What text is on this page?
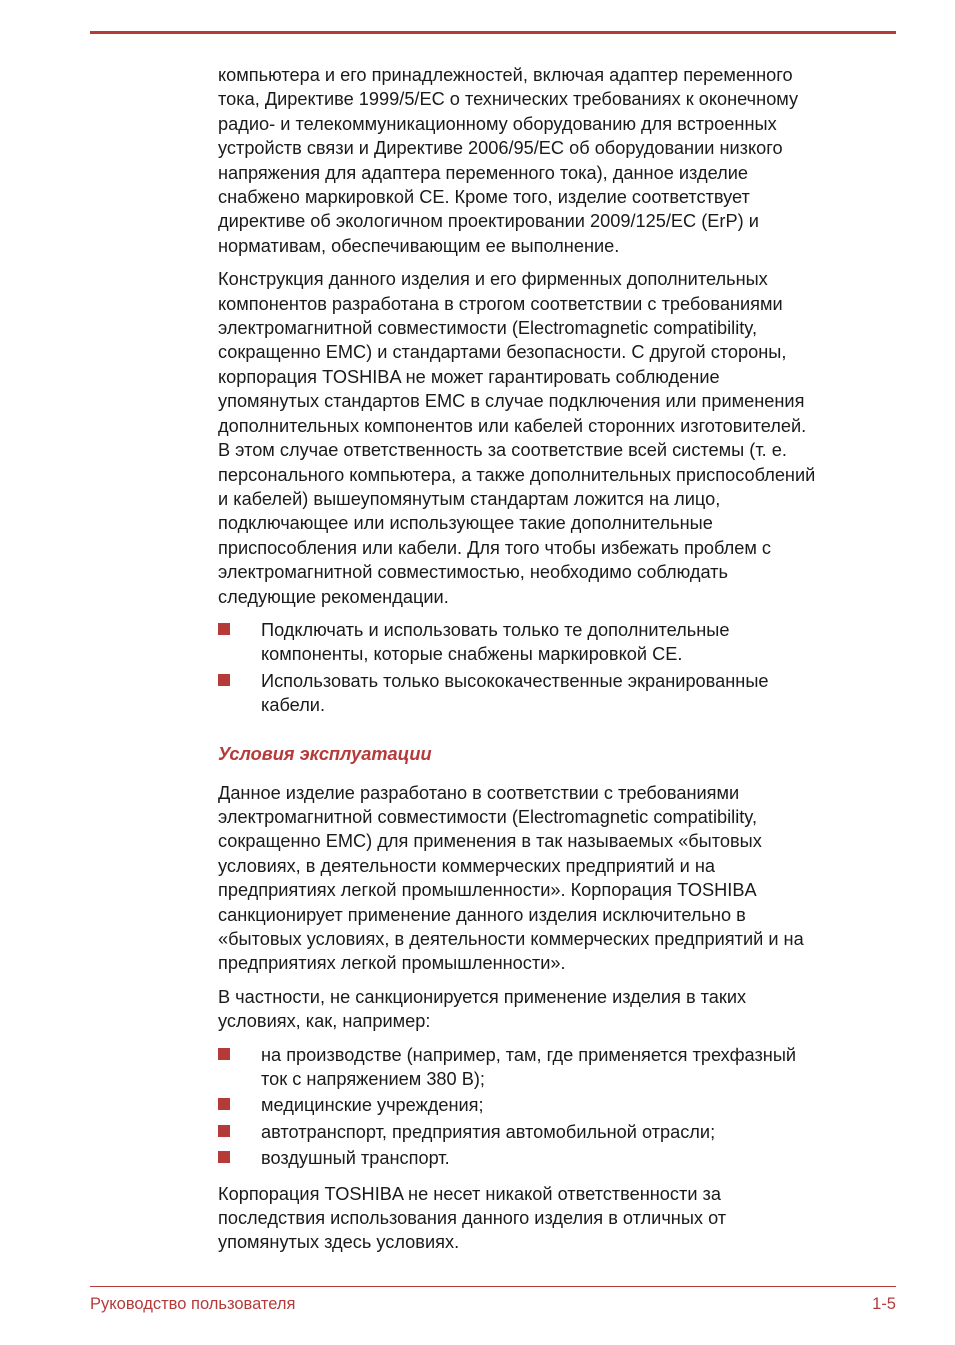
компьютера и его принадлежностей, включая адаптер переменного
тока, Директиве 1999/5/EC о технических требованиях к оконечному
радио- и телекоммуникационному оборудованию для встроенных
устройств связи и Директиве 2006/95/EC об оборудовании низкого
напряжения для адаптера переменного тока), данное изделие
снабжено маркировкой CE. Кроме того, изделие соответствует
директиве об экологичном проектировании 2009/125/EC (ErP) и
нормативам, обеспечивающим ее выполнение.

Конструкция данного изделия и его фирменных дополнительных
компонентов разработана в строгом соответствии с требованиями
электромагнитной совместимости (Electromagnetic compatibility,
сокращенно EMC) и стандартами безопасности. С другой стороны,
корпорация TOSHIBA не может гарантировать соблюдение
упомянутых стандартов EMC в случае подключения или применения
дополнительных компонентов или кабелей сторонних изготовителей.
В этом случае ответственность за соответствие всей системы (т. е.
персонального компьютера, а также дополнительных приспособлений
и кабелей) вышеупомянутым стандартам ложится на лицо,
подключающее или использующее такие дополнительные
приспособления или кабели. Для того чтобы избежать проблем с
электромагнитной совместимостью, необходимо соблюдать
следующие рекомендации.

Подключать и использовать только те дополнительные
компоненты, которые снабжены маркировкой CE.
Использовать только высококачественные экранированные
кабели.
Условия эксплуатации

Данное изделие разработано в соответствии с требованиями
электромагнитной совместимости (Electromagnetic compatibility,
сокращенно EMC) для применения в так называемых «бытовых
условиях, в деятельности коммерческих предприятий и на
предприятиях легкой промышленности». Корпорация TOSHIBA
санкционирует применение данного изделия исключительно в
«бытовых условиях, в деятельности коммерческих предприятий и на
предприятиях легкой промышленности».

В частности, не санкционируется применение изделия в таких
условиях, как, например:

на производстве (например, там, где применяется трехфазный
ток с напряжением 380 В);
медицинские учреждения;
автотранспорт, предприятия автомобильной отрасли;
воздушный транспорт.

Корпорация TOSHIBA не несет никакой ответственности за
последствия использования данного изделия в отличных от
упомянутых здесь условиях.

Руководство пользователя	1-5
